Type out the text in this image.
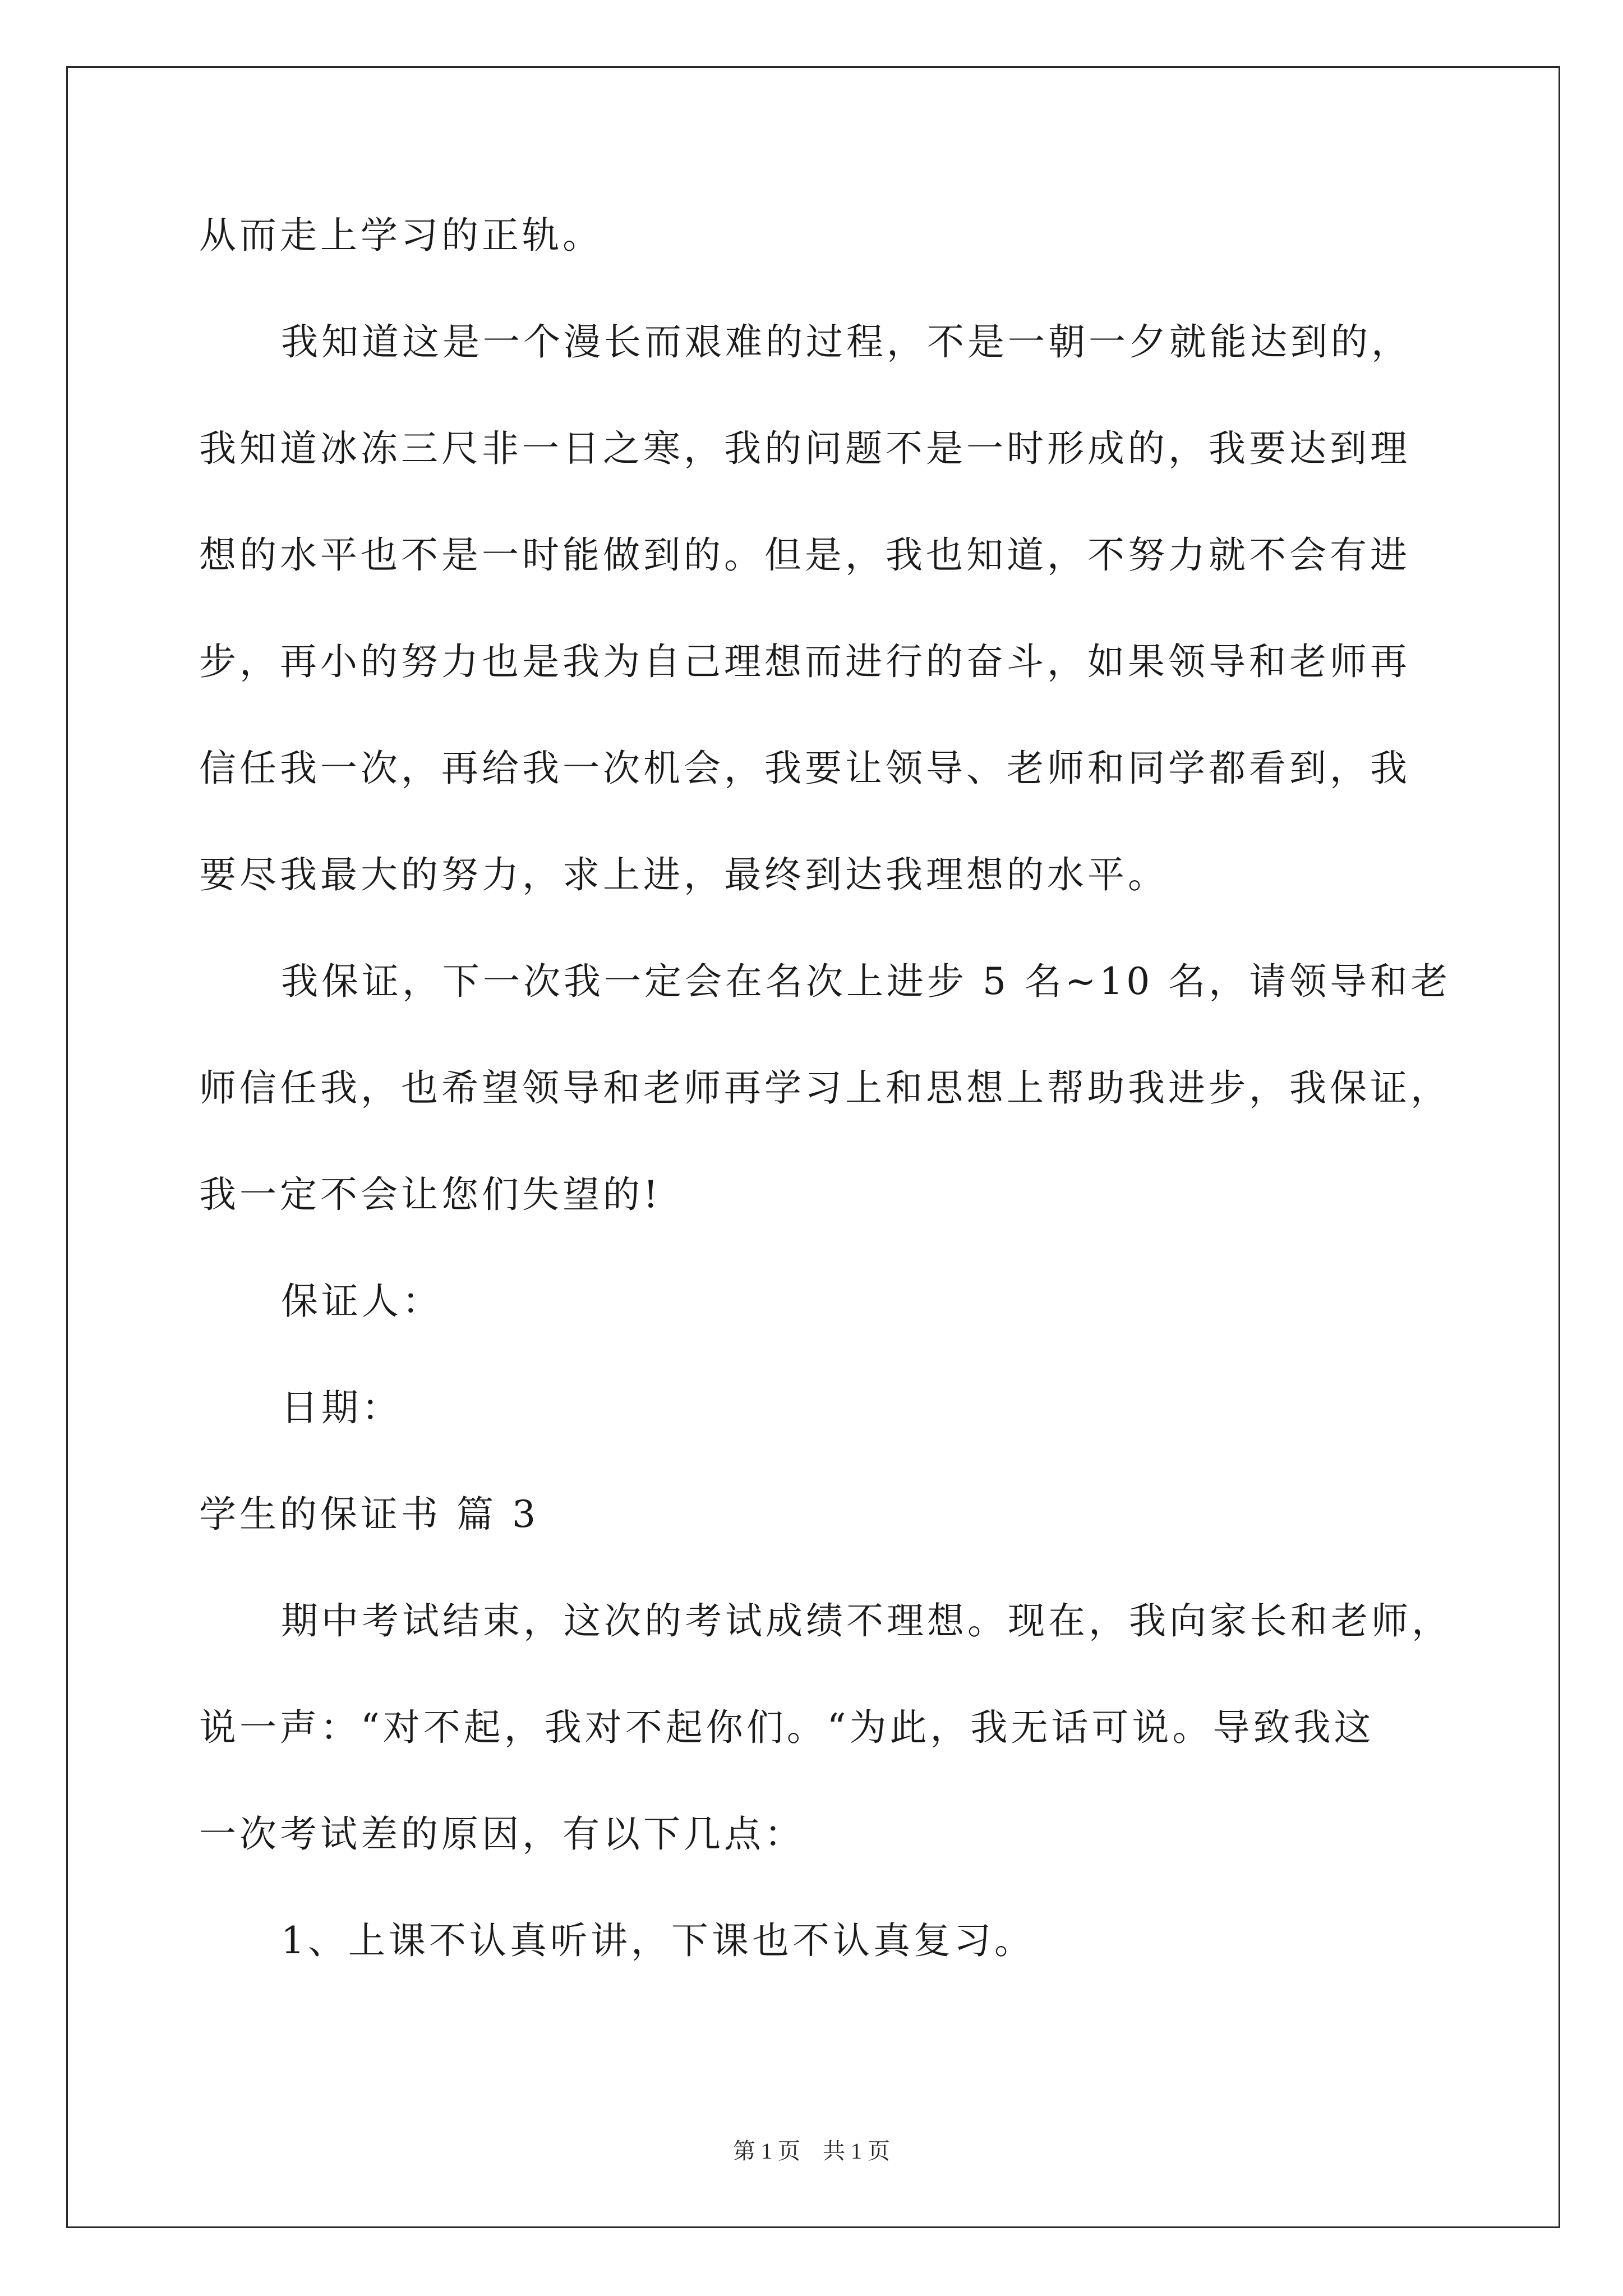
从而走上学习的正轨。
我知道这是一个漫长而艰难的过程，不是一朝一夕就能达到的，
我知道冰冻三尺非一日之寒，我的问题不是一时形成的，我要达到理
想的水平也不是一时能做到的。但是，我也知道，不努力就不会有进
步，再小的努力也是我为自己理想而进行的奋斗，如果领导和老师再
信任我一次，再给我一次机会，我要让领导、老师和同学都看到，我
要尽我最大的努力，求上进，最终到达我理想的水平。
我保证，下一次我一定会在名次上进步 5 名~10 名，请领导和老
师信任我，也希望领导和老师再学习上和思想上帮助我进步，我保证，
我一定不会让您们失望的!
保证人：
日期：
学生的保证书 篇 3
期中考试结束，这次的考试成绩不理想。现在，我向家长和老师，
说一声：“对不起，我对不起你们。“为此，我无话可说。导致我这
一次考试差的原因，有以下几点：
1、上课不认真听讲，下课也不认真复习。
第 1 页 共 1 页
